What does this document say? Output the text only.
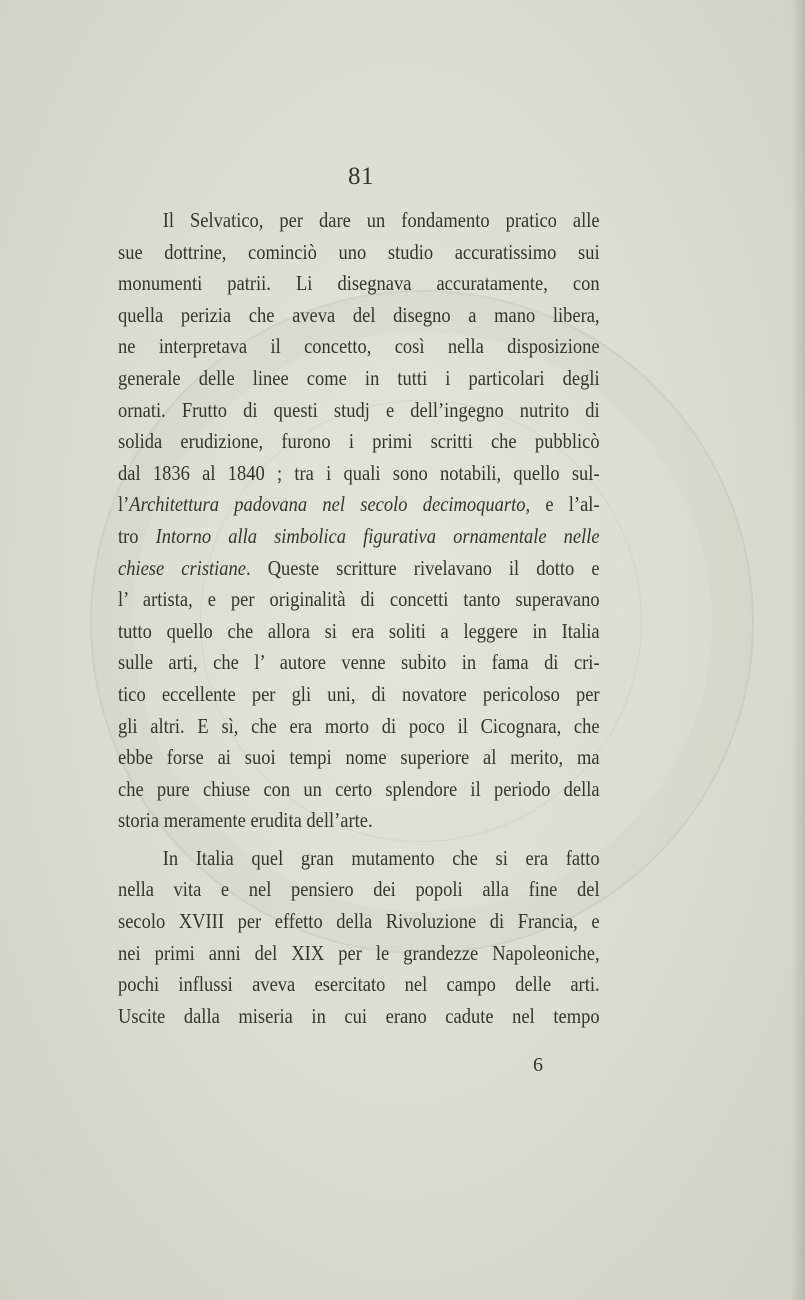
81
Il Selvatico, per dare un fondamento pratico alle
sue dottrine, cominciò uno studio accuratissimo sui
monumenti patrii. Li disegnava accuratamente, con
quella perizia che aveva del disegno a mano libera,
ne interpretava il concetto, così nella disposizione
generale delle linee come in tutti i particolari degli
ornati. Frutto di questi studj e dell’ingegno nutrito di
solida erudizione, furono i primi scritti che pubblicò
dal 1836 al 1840 ; tra i quali sono notabili, quello sul-
l’Architettura padovana nel secolo decimoquarto, e l’al-
tro Intorno alla simbolica figurativa ornamentale nelle
chiese cristiane. Queste scritture rivelavano il dotto e
l’ artista, e per originalità di concetti tanto superavano
tutto quello che allora si era soliti a leggere in Italia
sulle arti, che l’ autore venne subito in fama di cri-
tico eccellente per gli uni, di novatore pericoloso per
gli altri. E sì, che era morto di poco il Cicognara, che
ebbe forse ai suoi tempi nome superiore al merito, ma
che pure chiuse con un certo splendore il periodo della
storia meramente erudita dell’arte.
In Italia quel gran mutamento che si era fatto
nella vita e nel pensiero dei popoli alla fine del
secolo XVIII per effetto della Rivoluzione di Francia, e
nei primi anni del XIX per le grandezze Napoleoniche,
pochi influssi aveva esercitato nel campo delle arti.
Uscite dalla miseria in cui erano cadute nel tempo
6
